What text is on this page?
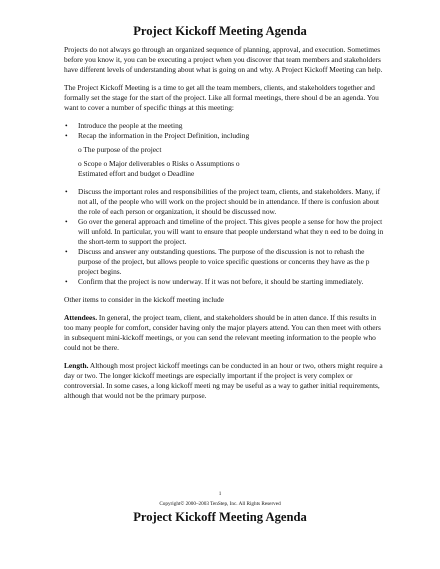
Project Kickoff Meeting Agenda

Projects do not always go through an organized sequence of planning, approval, and execution. Sometimes before you know it, you can be executing a project when you discover that team members and stakeholders have different levels of understanding about what is going on and why. A Project Kickoff Meeting can help.

The Project Kickoff Meeting is a time to get all the team members, clients, and stakeholders together and formally set the stage for the start of the project. Like all formal meetings, there shoul d be an agenda. You want to cover a number of specific things at this meeting:

• Introduce the people at the meeting
• Recap the information in the Project Definition, including

o The purpose of the project

o Scope o Major deliverables o Risks o Assumptions o

Estimated effort and budget o Deadline

• Discuss the important roles and responsibilities of the project team, clients, and stakeholders. Many, if not all, of the people who will work on the project should be in attendance. If there is confusion about the role of each person or organization, it should be discussed now.
• Go over the general approach and timeline of the project. This gives people a sense for how the project will unfold. In particular, you will want to ensure that people understand what they n eed to be doing in the short-term to support the project.
• Discuss and answer any outstanding questions. The purpose of the discussion is not to rehash the purpose of the project, but allows people to voice specific questions or concerns they have as the p project begins.
• Confirm that the project is now underway. If it was not before, it should be starting immediately.

Other items to consider in the kickoff meeting include

Attendees. In general, the project team, client, and stakeholders should be in atten dance. If this results in too many people for comfort, consider having only the major players attend. You can then meet with others in subsequent mini-kickoff meetings, or you can send the relevant meeting information to the people who could not be there.

Length. Although most project kickoff meetings can be conducted in an hour or two, others might require a day or two. The longer kickoff meetings are especially important if the project is very complex or controversial. In some cases, a long kickoff meeti ng may be useful as a way to gather initial requirements, although that would not be the primary purpose.

1
Copyright© 2000–2003 TenStep, Inc. All Rights Reserved
Project Kickoff Meeting Agenda
